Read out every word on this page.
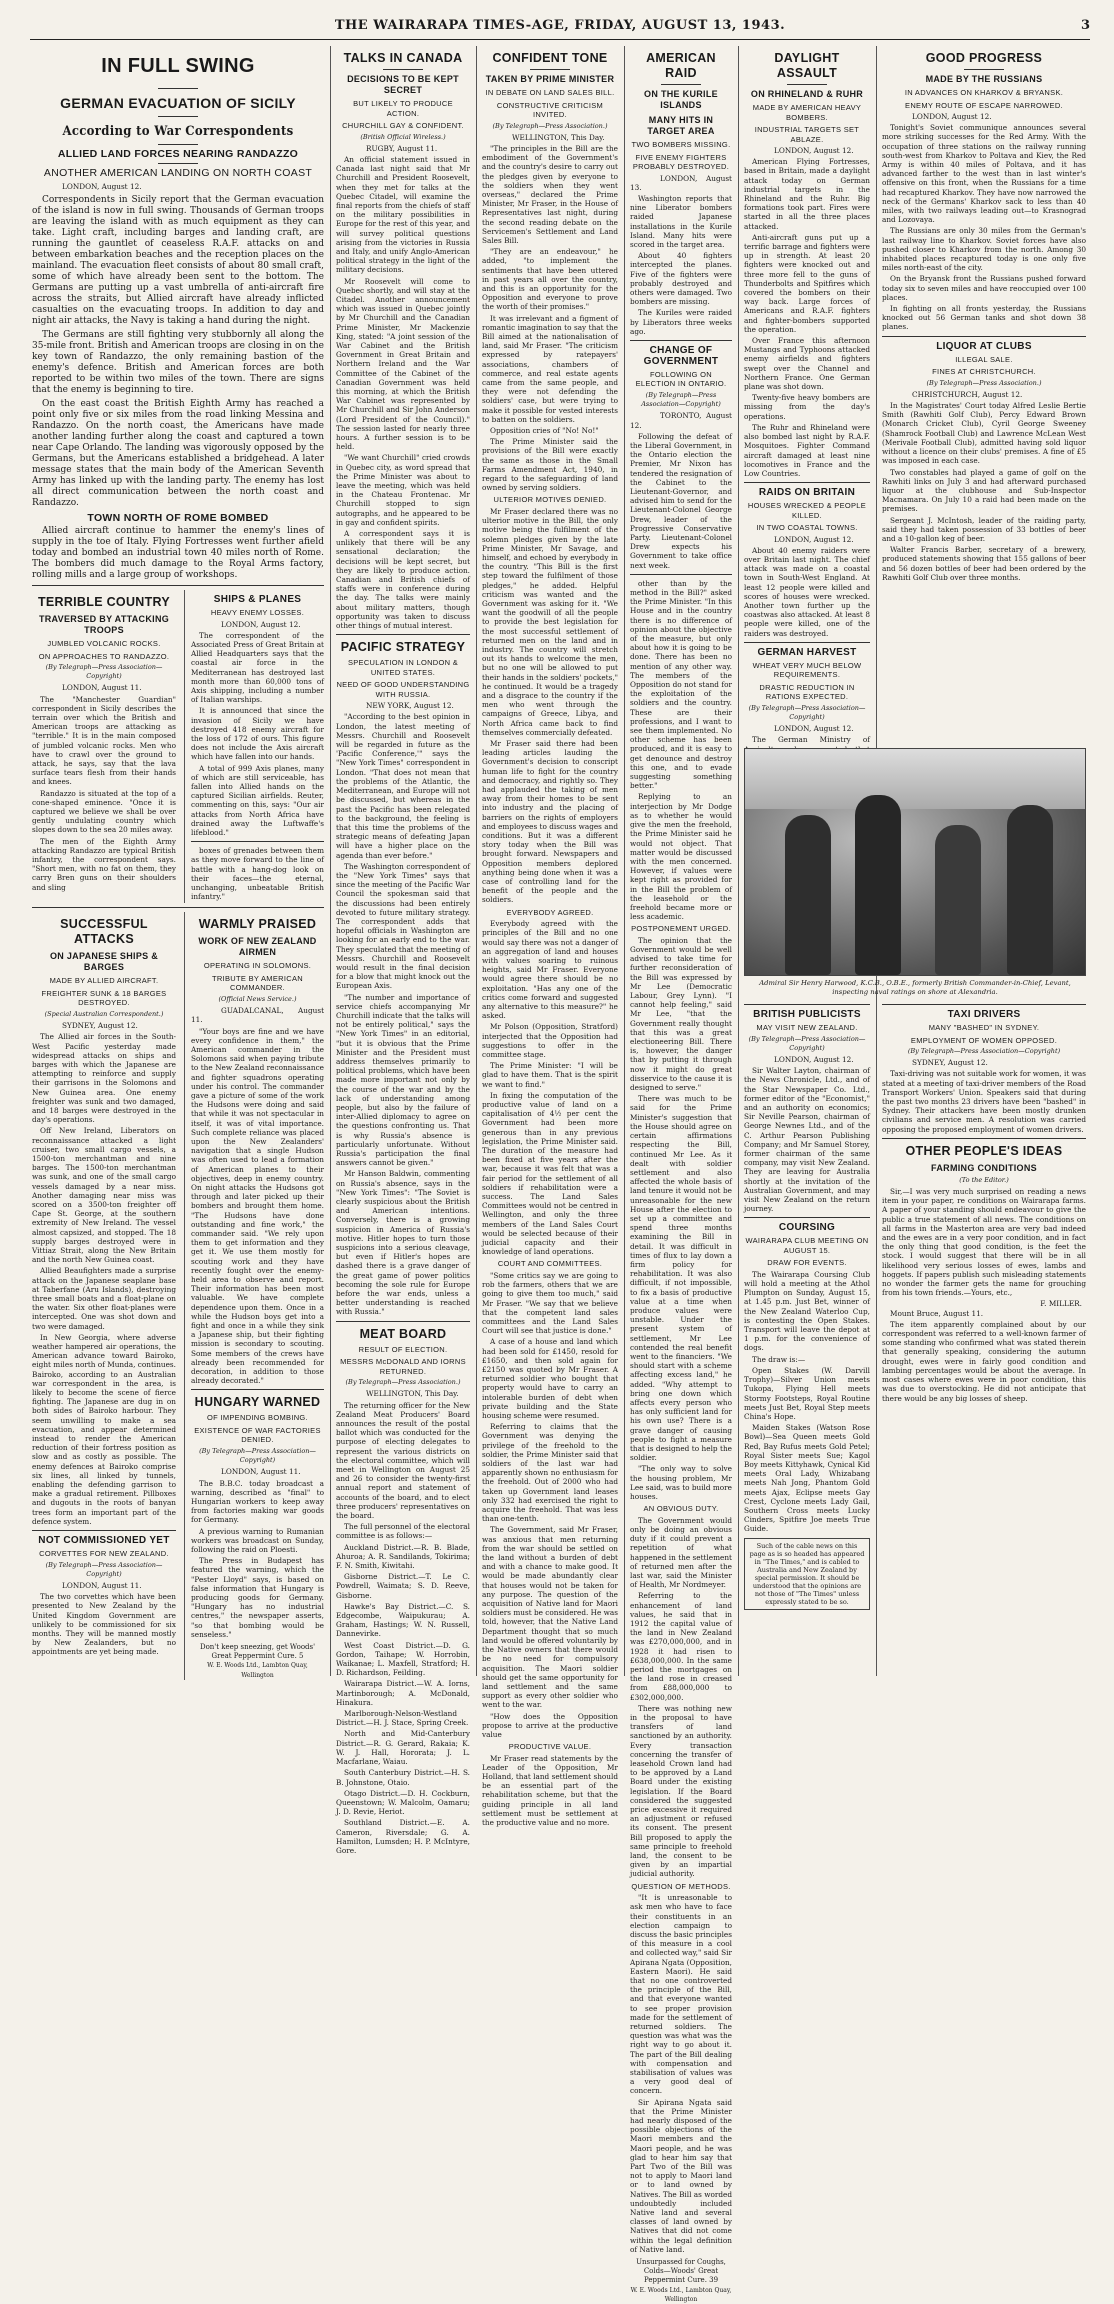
THE WAIRARAPA TIMES-AGE, FRIDAY, AUGUST 13, 1943.	3
IN FULL SWING
GERMAN EVACUATION OF SICILY
According to War Correspondents
ALLIED LAND FORCES NEARING RANDAZZO
ANOTHER AMERICAN LANDING ON NORTH COAST

LONDON, August 12.

Correspondents in Sicily report that the German evacuation of the island is now in full swing. Thousands of German troops are leaving the island with as much equipment as they can take. Light craft, including barges and landing craft, are running the gauntlet of ceaseless R.A.F. attacks on and between embarkation beaches and the reception places on the mainland. The evacuation fleet consists of about 80 small craft, some of which have already been sent to the bottom. The Germans are putting up a vast umbrella of anti-aircraft fire across the straits, but Allied aircraft have already inflicted casualties on the evacuating troops. In addition to day and night air attacks, the Navy is taking a hand during the night.

The Germans are still fighting very stubbornly all along the 35-mile front. British and American troops are closing in on the key town of Randazzo, the only remaining bastion of the enemy's defence. British and American forces are both reported to be within two miles of the town. There are signs that the enemy is beginning to tire.

On the east coast the British Eighth Army has reached a point only five or six miles from the road linking Messina and Randazzo. On the north coast, the Americans have made another landing further along the coast and captured a town near Cape Orlando. The landing was vigorously opposed by the Germans, but the Americans established a bridgehead. A later message states that the main body of the American Seventh Army has linked up with the landing party. The enemy has lost all direct communication between the north coast and Randazzo.

TOWN NORTH OF ROME BOMBED

Allied aircraft continue to hammer the enemy's lines of supply in the toe of Italy. Flying Fortresses went further afield today and bombed an industrial town 40 miles north of Rome. The bombers did much damage to the Royal Arms factory, rolling mills and a large group of workshops.

TERRIBLE COUNTRY
TRAVERSED BY ATTACKING TROOPS
JUMBLED VOLCANIC ROCKS.
ON APPROACHES TO RANDAZZO.
(By Telegraph—Press Association—Copyright)

LONDON, August 11.

The "Manchester Guardian" correspondent in Sicily describes the terrain over which the British and American troops are attacking as "terrible." It is in the main composed of jumbled volcanic rocks. Men who have to crawl over the ground to attack, he says, say that the lava surface tears flesh from their hands and knees.

Randazzo is situated at the top of a cone-shaped eminence. "Once it is captured we believe we shall be over gently undulating country which slopes down to the sea 20 miles away.

The men of the Eighth Army attacking Randazzo are typical British infantry, the correspondent says. "Short men, with no fat on them, they carry Bren guns on their shoulders and sling

SHIPS & PLANES
HEAVY ENEMY LOSSES.

LONDON, August 12.

The correspondent of the Associated Press of Great Britain at Allied Headquarters says that the coastal air force in the Mediterranean has destroyed last month more than 60,000 tons of Axis shipping, including a number of Italian warships.

It is announced that since the invasion of Sicily we have destroyed 418 enemy aircraft for the loss of 172 of ours. This figure does not include the Axis aircraft which have fallen into our hands.

A total of 999 Axis planes, many of which are still serviceable, has fallen into Allied hands on the captured Sicilian airfields. Reuter, commenting on this, says: "Our air attacks from North Africa have drained away the Luftwaffe's lifeblood."

boxes of grenades between them as they move forward to the line of battle with a hang-dog look on their faces—the eternal, unchanging, unbeatable British infantry."

SUCCESSFUL ATTACKS
ON JAPANESE SHIPS & BARGES
MADE BY ALLIED AIRCRAFT.
FREIGHTER SUNK & 18 BARGES DESTROYED.
(Special Australian Correspondent.)

SYDNEY, August 12.

The Allied air forces in the South-West Pacific yesterday made widespread attacks on ships and barges with which the Japanese are attempting to reinforce and supply their garrisons in the Solomons and New Guinea area. One enemy freighter was sunk and two damaged, and 18 barges were destroyed in the day's operations.

Off New Ireland, Liberators on reconnaissance attacked a light cruiser, two small cargo vessels, a 1500-ton merchantman and nine barges. The 1500-ton merchantman was sunk, and one of the small cargo vessels damaged by a near miss. Another damaging near miss was scored on a 3500-ton freighter off Cape St. George, at the southern extremity of New Ireland. The vessel almost capsized, and stopped. The 18 supply barges destroyed were in Vittiaz Strait, along the New Britain and the north New Guinea coast.

Allied Beaufighters made a surprise attack on the Japanese seaplane base at Taberfane (Aru Islands), destroying three small boats and a float-plane on the water. Six other float-planes were intercepted. One was shot down and two were damaged.

In New Georgia, where adverse weather hampered air operations, the American advance toward Bairoko, eight miles north of Munda, continues. Bairoko, according to an Australian war correspondent in the area, is likely to become the scene of fierce fighting. The Japanese are dug in on both sides of Bairoko harbour. They seem unwilling to make a sea evacuation, and appear determined instead to render the American reduction of their fortress position as slow and as costly as possible. The enemy defences at Bairoko comprise six lines, all linked by tunnels, enabling the defending garrison to make a gradual retirement. Pillboxes and dugouts in the roots of banyan trees form an important part of the defence system.

NOT COMMISSIONED YET
CORVETTES FOR NEW ZEALAND.
(By Telegraph—Press Association—Copyright)

LONDON, August 11.

The two corvettes which have been presented to New Zealand by the United Kingdom Government are unlikely to be commissioned for six months. They will be manned mostly by New Zealanders, but no appointments are yet being made.

WARMLY PRAISED
WORK OF NEW ZEALAND AIRMEN
OPERATING IN SOLOMONS.
TRIBUTE BY AMERICAN COMMANDER.
(Official News Service.)

GUADALCANAL, August 11.

"Your boys are fine and we have every confidence in them," the American commander in the Solomons said when paying tribute to the New Zealand reconnaissance and fighter squadrons operating under his control. The commander gave a picture of some of the work the Hudsons were doing and said that while it was not spectacular in itself, it was of vital importance. Such complete reliance was placed upon the New Zealanders' navigation that a single Hudson was often used to lead a formation of American planes to their objectives, deep in enemy country. On night attacks the Hudsons got through and later picked up their bombers and brought them home. "The Hudsons have done outstanding and fine work," the commander said. "We rely upon them to get information and they get it. We use them mostly for scouting work and they have recently fought over the enemy-held area to observe and report. Their information has been most valuable. We have complete dependence upon them. Once in a while the Hudson boys get into a fight and once in a while they sink a Japanese ship, but their fighting mission is secondary to scouting. Some members of the crews have already been recommended for decoration, in addition to those already decorated."

HUNGARY WARNED
OF IMPENDING BOMBING.
EXISTENCE OF WAR FACTORIES DENIED.
(By Telegraph—Press Association—Copyright)

LONDON, August 11.

The B.B.C. today broadcast a warning, described as "final" to Hungarian workers to keep away from factories making war goods for Germany.

A previous warning to Rumanian workers was broadcast on Sunday, following the raid on Ploesti.

The Press in Budapest has featured the warning, which the "Pester Lloyd" says, is based on false information that Hungary is producing goods for Germany. "Hungary has no industrial centres," the newspaper asserts, "so that bombing would be senseless."

Don't keep sneezing, get Woods' Great Peppermint Cure. 5
W. E. Woods Ltd., Lambton Quay, Wellington
TALKS IN CANADA
DECISIONS TO BE KEPT SECRET
BUT LIKELY TO PRODUCE ACTION.
CHURCHILL GAY & CONFIDENT.
(British Official Wireless.)

RUGBY, August 11.

An official statement issued in Canada last night said that Mr Churchill and President Roosevelt, when they met for talks at the Quebec Citadel, will examine the final reports from the chiefs of staff on the military possibilities in Europe for the rest of this year, and will survey political questions arising from the victories in Russia and Italy, and unify Anglo-American political strategy in the light of the military decisions.

Mr Roosevelt will come to Quebec shortly, and will stay at the Citadel. Another announcement which was issued in Quebec jointly by Mr Churchill and the Canadian Prime Minister, Mr Mackenzie King, stated: "A joint session of the War Cabinet and the British Government in Great Britain and Northern Ireland and the War Committee of the Cabinet of the Canadian Government was held this morning, at which the British War Cabinet was represented by Mr Churchill and Sir John Anderson (Lord President of the Council)." The session lasted for nearly three hours. A further session is to be held.

"We want Churchill" cried crowds in Quebec city, as word spread that the Prime Minister was about to leave the meeting, which was held in the Chateau Frontenac. Mr Churchill stopped to sign autographs, and he appeared to be in gay and confident spirits.

A correspondent says it is unlikely that there will be any sensational declaration; the decisions will be kept secret, but they are likely to produce action. Canadian and British chiefs of staffs were in conference during the day. The talks were mainly about military matters, though opportunity was taken to discuss other things of mutual interest.

PACIFIC STRATEGY
SPECULATION IN LONDON & UNITED STATES.
NEED OF GOOD UNDERSTANDING WITH RUSSIA.

NEW YORK, August 12.

"According to the best opinion in London, the latest meeting of Messrs. Churchill and Roosevelt will be regarded in future as the 'Pacific Conference,'" says the "New York Times" correspondent in London. "That does not mean that the problems of the Atlantic, the Mediterranean, and Europe will not be discussed, but whereas in the past the Pacific has been relegated to the background, the feeling is that this time the problems of the strategic means of defeating Japan will have a higher place on the agenda than ever before."

The Washington correspondent of the "New York Times" says that since the meeting of the Pacific War Council the spokesman said that the discussions had been entirely devoted to future military strategy. The correspondent adds that hopeful officials in Washington are looking for an early end to the war. They speculated that the meeting of Messrs. Churchill and Roosevelt would result in the final decision for a blow that might knock out the European Axis.

"The number and importance of service chiefs accompanying Mr Churchill indicate that the talks will not be entirely political," says the "New York Times" in an editorial, "but it is obvious that the Prime Minister and the President must address themselves primarily to political problems, which have been made more important not only by the course of the war and by the lack of understanding among people, but also by the failure of inter-Allied diplomacy to agree on the questions confronting us. That is why Russia's absence is particularly unfortunate. Without Russia's participation the final answers cannot be given."

Mr Hanson Baldwin, commenting on Russia's absence, says in the "New York Times": "The Soviet is clearly suspicious about the British and American intentions. Conversely, there is a growing suspicion in America of Russia's motive. Hitler hopes to turn those suspicions into a serious cleavage, but even if Hitler's hopes are dashed there is a grave danger of the great game of power politics becoming the sole rule for Europe before the war ends, unless a better understanding is reached with Russia."

MEAT BOARD
RESULT OF ELECTION.
MESSRS McDONALD AND IORNS RETURNED.
(By Telegraph—Press Association.)

WELLINGTON, This Day.

The returning officer for the New Zealand Meat Producers' Board announces the result of the postal ballot which was conducted for the purpose of electing delegates to represent the various districts on the electoral committee, which will meet in Wellington on August 25 and 26 to consider the twenty-first annual report and statement of accounts of the board, and to elect three producers' representatives on the board.

The full personnel of the electoral committee is as follows:—

Auckland District.—R. B. Blade, Ahuroa; A. R. Sandilands, Tokirima; F. N. Smith, Kiwitahi.

Gisborne District.—T. Le C. Powdrell, Waimata; S. D. Reeve, Gisborne.

Hawke's Bay District.—C. S. Edgecombe, Waipukurau; A. Graham, Hastings; W. N. Russell, Dannevirke.

West Coast District.—D. G. Gordon, Taihape; W. Horrobin, Waikanae; L. Maxfell, Stratford; H. D. Richardson, Feilding.

Wairarapa District.—W. A. Iorns, Martinborough; A. McDonald, Hinakura.

Marlborough-Nelson-Westland District.—H. J. Stace, Spring Creek.

North and Mid-Canterbury District.—R. G. Gerard, Rakaia; K. W. J. Hall, Hororata; J. L. Macfarlane, Waiau.

South Canterbury District.—H. S. B. Johnstone, Otaio.

Otago District.—D. H. Cockburn, Queenstown; W. Malcolm, Oamaru; J. D. Revie, Heriot.

Southland District.—E. A. Cameron, Riversdale; G. A. Hamilton, Lumsden; H. P. McIntyre, Gore.

CONFIDENT TONE
TAKEN BY PRIME MINISTER
IN DEBATE ON LAND SALES BILL.
CONSTRUCTIVE CRITICISM INVITED.
(By Telegraph—Press Association.)

WELLINGTON, This Day.

"The principles in the Bill are the embodiment of the Government's and the country's desire to carry out the pledges given by everyone to the soldiers when they went overseas," declared the Prime Minister, Mr Fraser, in the House of Representatives last night, during the second reading debate on the Servicemen's Settlement and Land Sales Bill.

"They are an endeavour," he added, "to implement the sentiments that have been uttered in past years all over the country, and this is an opportunity for the Opposition and everyone to prove the worth of their promises."

It was irrelevant and a figment of romantic imagination to say that the Bill aimed at the nationalisation of land, said Mr Fraser. "The criticism expressed by ratepayers' associations, chambers of commerce, and real estate agents came from the same people, and they were not defending the soldiers' case, but were trying to make it possible for vested interests to batten on the soldiers.

Opposition cries of "No! No!"

The Prime Minister said the provisions of the Bill were exactly the same as those in the Small Farms Amendment Act, 1940, in regard to the safeguarding of land owned by serving soldiers.

ULTERIOR MOTIVES DENIED.

Mr Fraser declared there was no ulterior motive in the Bill, the only motive being the fulfilment of the solemn pledges given by the late Prime Minister, Mr Savage, and himself, and echoed by everybody in the country. "This Bill is the first step toward the fulfilment of those pledges," he added. Helpful criticism was wanted and the Government was asking for it. "We want the goodwill of all the people to provide the best legislation for the most successful settlement of returned men on the land and in industry. The country will stretch out its hands to welcome the men, but no one will be allowed to put their hands in the soldiers' pockets," he continued. It would be a tragedy and a disgrace to the country if the men who went through the campaigns of Greece, Libya, and North Africa came back to find themselves commercially defeated.

Mr Fraser said there had been leading articles lauding the Government's decision to conscript human life to fight for the country and democracy, and rightly so. They had applauded the taking of men away from their homes to be sent into industry and the placing of barriers on the rights of employers and employees to discuss wages and conditions. But it was a different story today when the Bill was brought forward. Newspapers and Opposition members deplored anything being done when it was a case of controlling land for the benefit of the people and the soldiers.

EVERYBODY AGREED.

Everybody agreed with the principles of the Bill and no one would say there was not a danger of an aggregation of land and houses with values soaring to ruinous heights, said Mr Fraser. Everyone would agree there should be no exploitation. "Has any one of the critics come forward and suggested any alternative to this measure?" he asked.

Mr Polson (Opposition, Stratford) interjected that the Opposition had suggestions to offer in the committee stage.

The Prime Minister: "I will be glad to have them. That is the spirit we want to find."

In fixing the computation of the productive value of land on a capitalisation of 4½ per cent the Government had been more generous than in any previous legislation, the Prime Minister said. The duration of the measure had been fixed at five years after the war, because it was felt that was a fair period for the settlement of all soldiers if rehabilitation were a success. The Land Sales Committees would not be centred in Wellington, and only the three members of the Land Sales Court would be selected because of their judicial capacity and their knowledge of land operations.

COURT AND COMMITTEES.

"Some critics say we are going to rob the farmers, others that we are going to give them too much," said Mr Fraser. "We say that we believe that the competent land sales committees and the Land Sales Court will see that justice is done."

A case of a house and land which had been sold for £1450, resold for £1650, and then sold again for £2150 was quoted by Mr Fraser. A returned soldier who bought that property would have to carry an intolerable burden of debt when private building and the State housing scheme were resumed.

Referring to claims that the Government was denying the privilege of the freehold to the soldier, the Prime Minister said that soldiers of the last war had apparently shown no enthusiasm for the freehold. Out of 2000 who had taken up Government land leases only 332 had exercised the right to acquire the freehold. That was less than one-tenth.

The Government, said Mr Fraser, was anxious that men returning from the war should be settled on the land without a burden of debt and with a chance to make good. It would be made abundantly clear that houses would not be taken for any purpose. The question of the acquisition of Native land for Maori soldiers must be considered. He was told, however, that the Native Land Department thought that so much land would be offered voluntarily by the Native owners that there would be no need for compulsory acquisition. The Maori soldier should get the same opportunity for land settlement and the same support as every other soldier who went to the war.

"How does the Opposition propose to arrive at the productive value

PRODUCTIVE VALUE.

Mr Fraser read statements by the Leader of the Opposition, Mr Holland, that land settlement should be an essential part of the rehabilitation scheme, but that the guiding principle in all land settlement must be settlement at the productive value and no more.

AMERICAN RAID
ON THE KURILE ISLANDS
MANY HITS IN TARGET AREA
TWO BOMBERS MISSING.
FIVE ENEMY FIGHTERS PROBABLY DESTROYED.

LONDON, August 13.

Washington reports that nine Liberator bombers raided Japanese installations in the Kurile Island. Many hits were scored in the target area.

About 40 fighters intercepted the planes. Five of the fighters were probably destroyed and others were damaged. Two bombers are missing.

The Kuriles were raided by Liberators three weeks ago.

CHANGE OF GOVERNMENT
FOLLOWING ON ELECTION IN ONTARIO.
(By Telegraph—Press Association—Copyright)

TORONTO, August 12.

Following the defeat of the Liberal Government, in the Ontario election the Premier, Mr Nixon has tendered the resignation of the Cabinet to the Lieutenant-Governor, and advised him to send for the Lieutenant-Colonel George Drew, leader of the Progressive Conservative Party. Lieutenant-Colonel Drew expects his Government to take office next week.

other than by the method in the Bill?" asked the Prime Minister. "In this House and in the country there is no difference of opinion about the objective of the measure, but only about how it is going to be done. There has been no mention of any other way. The members of the Opposition do not stand for the exploitation of the soldiers and the country. These are their professions, and I want to see them implemented. No other scheme has been produced, and it is easy to get denounce and destroy this one, and to evade suggesting something better."

Replying to an interjection by Mr Dodge as to whether he would give the men the freehold, the Prime Minister said he would not object. That matter would be discussed with the men concerned. However, if values were kept right as provided for in the Bill the problem of the leasehold or the freehold became more or less academic.

POSTPONEMENT URGED.

The opinion that the Government would be well advised to take time for further reconsideration of the Bill was expressed by Mr Lee (Democratic Labour, Grey Lynn). "I cannot help feeling," said Mr Lee, "that the Government really thought that this was a great electioneering Bill. There is, however, the danger that by putting it through now it might do great disservice to the cause it is designed to serve."

There was much to be said for the Prime Minister's suggestion that the House should agree on certain affirmations respecting the Bill, continued Mr Lee. As it dealt with soldier settlement and also affected the whole basis of land tenure it would not be unreasonable for the new House after the election to set up a committee and spend three months examining the Bill in detail. It was difficult in times of flux to lay down a firm policy for rehabilitation. It was also difficult, if not impossible, to fix a basis of productive value at a time when produce values were unstable. Under the present system of settlement, Mr Lee contended the real benefit went to the financiers. "We should start with a scheme affecting excess land," he added. "Why attempt to bring one down which affects every person who has only sufficient land for his own use? There is a grave danger of causing people to fight a measure that is designed to help the soldier.

"The only way to solve the housing problem, Mr Lee said, was to build more houses.

AN OBVIOUS DUTY.

The Government would only be doing an obvious duty if it could prevent a repetition of what happened in the settlement of returned men after the last war, said the Minister of Health, Mr Nordmeyer.

Referring to the enhancement of land values, he said that in 1912 the capital value of the land in New Zealand was £270,000,000, and in 1928 it had risen to £638,000,000. In the same period the mortgages on the land rose in creased from £88,000,000 to £302,000,000.

There was nothing new in the proposal to have transfers of land sanctioned by an authority. Every transaction concerning the transfer of leasehold Crown land had to be approved by a Land Board under the existing legislation. If the Board considered the suggested price excessive it required an adjustment or refused its consent. The present Bill proposed to apply the same principle to freehold land, the consent to be given by an impartial judicial authority.

QUESTION OF METHODS.

"It is unreasonable to ask men who have to face their constituents in an election campaign to discuss the basic principles of this measure in a cool and collected way," said Sir Apirana Ngata (Opposition, Eastern Maori). He said that no one controverted the principle of the Bill, and that everyone wanted to see proper provision made for the settlement of returned soldiers. The question was what was the right way to go about it. The part of the Bill dealing with compensation and stabilisation of values was a very good deal of concern.

Sir Apirana Ngata said that the Prime Minister had nearly disposed of the possible objections of the Maori members and the Maori people, and he was glad to hear him say that Part Two of the Bill was not to apply to Maori land or to land owned by Natives. The Bill as worded undoubtedly included Native land and several classes of land owned by Natives that did not come within the legal definition of Native land.

Unsurpassed for Coughs, Colds—Woods' Great Peppermint Cure. 39
W. E. Woods Ltd., Lambton Quay, Wellington
DAYLIGHT ASSAULT
ON RHINELAND & RUHR
MADE BY AMERICAN HEAVY BOMBERS.
INDUSTRIAL TARGETS SET ABLAZE.

LONDON, August 12.

American Flying Fortresses, based in Britain, made a daylight attack today on German industrial targets in the Rhineland and the Ruhr. Big formations took part. Fires were started in all the three places attacked.

Anti-aircraft guns put up a terrific barrage and fighters were up in strength. At least 20 fighters were knocked out and three more fell to the guns of Thunderbolts and Spitfires which covered the bombers on their way back. Large forces of Americans and R.A.F. fighters and fighter-bombers supported the operation.

Over France this afternoon Mustangs and Typhoons attacked enemy airfields and fighters swept over the Channel and Northern France. One German plane was shot down.

Twenty-five heavy bombers are missing from the day's operations.

The Ruhr and Rhineland were also bombed last night by R.A.F. Mosquitoes. Fighter Command aircraft damaged at least nine locomotives in France and the Low Countries.

RAIDS ON BRITAIN
HOUSES WRECKED & PEOPLE KILLED.
IN TWO COASTAL TOWNS.

LONDON, August 12.

About 40 enemy raiders were over Britain last night. The chief attack was made on a coastal town in South-West England. At least 12 people were killed and scores of houses were wrecked. Another town further up the coastwas also attacked. At least 8 people were killed, one of the raiders was destroyed.

GERMAN HARVEST
WHEAT VERY MUCH BELOW REQUIREMENTS.
DRASTIC REDUCTION IN RATIONS EXPECTED.
(By Telegraph—Press Association—Copyright)

LONDON, August 12.

The German Ministry of

GOOD PROGRESS
MADE BY THE RUSSIANS
IN ADVANCES ON KHARKOV & BRYANSK.
ENEMY ROUTE OF ESCAPE NARROWED.

LONDON, August 12.

Tonight's Soviet communique announces several more striking successes for the Red Army. With the occupation of three stations on the railway running south-west from Kharkov to Poltava and Kiev, the Red Army is within 40 miles of Poltava, and it has advanced farther to the west than in last winter's offensive on this front, when the Russians for a time had recaptured Kharkov. They have now narrowed the neck of the Germans' Kharkov sack to less than 40 miles, with two railways leading out—to Krasnograd and Lozovaya.

The Russians are only 30 miles from the German's last railway line to Kharkov. Soviet forces have also pushed closer to Kharkov from the north. Among 30 inhabited places recaptured today is one only five miles north-east of the city.

On the Bryansk front the Russians pushed forward today six to seven miles and have reoccupied over 100 places.

In fighting on all fronts yesterday, the Russians knocked out 56 German tanks and shot down 38 planes.

LIQUOR AT CLUBS
ILLEGAL SALE.
FINES AT CHRISTCHURCH.
(By Telegraph—Press Association.)

CHRISTCHURCH, August 12.

In the Magistrates' Court today Alfred Leslie Bertie Smith (Rawhiti Golf Club), Percy Edward Brown (Monarch Cricket Club), Cyril George Sweeney (Shamrock Football Club) and Lawrence McLean West (Merivale Football Club), admitted having sold liquor without a licence on their clubs' premises. A fine of £5 was imposed in each case.

Two constables had played a game of golf on the Rawhiti links on July 3 and had afterward purchased liquor at the clubhouse and Sub-Inspector Macnamara. On July 10 a raid had been made on the premises.

Sergeant J. McIntosh, leader of the raiding party, said they had taken possession of 33 bottles of beer and a 10-gallon keg of beer.

Walter Francis Barber, secretary of a brewery, produced statements showing that 155 gallons of beer and 56 dozen bottles of beer had been ordered by the Rawhiti Golf Club over three months.

Admiral Sir Henry Harwood, K.C.B., O.B.E., formerly British Commander-in-Chief, Levant, inspecting naval ratings on shore at Alexandria.
BRITISH PUBLICISTS
MAY VISIT NEW ZEALAND.
(By Telegraph—Press Association—Copyright)

LONDON, August 12.

Sir Walter Layton, chairman of the News Chronicle, Ltd., and of the Star Newspaper Co. Ltd., former editor of the "Economist," and an authority on economics; Sir Neville Pearson, chairman of George Newnes Ltd., and of the C. Arthur Pearson Publishing Company; and Mr Samuel Storey, former chairman of the same company, may visit New Zealand. They are leaving for Australia shortly at the invitation of the Australian Government, and may visit New Zealand on the return journey.

COURSING
WAIRARAPA CLUB MEETING ON AUGUST 15.
DRAW FOR EVENTS.

The Wairarapa Coursing Club will hold a meeting at the Athol Plumpton on Sunday, August 15, at 1.45 p.m. Just Bet, winner of the New Zealand Waterloo Cup, is contesting the Open Stakes. Transport will leave the depot at 1 p.m. for the convenience of dogs.

The draw is:—

Open Stakes (W. Darvill Trophy)—Silver Union meets Tukopa, Flying Hell meets Stormy Footsteps, Royal Routine meets Just Bet, Royal Step meets China's Hope.

Maiden Stakes (Watson Rose Bowl)—Sea Queen meets Gold Red, Bay Rufus meets Gold Petel; Royal Sister meets Sue; Kagol Boy meets Kittyhawk, Cynical Kid meets Oral Lady, Whizabang meets Nah Jong, Phantom Gold meets Ajax, Eclipse meets Gay Crest, Cyclone meets Lady Gail, Southern Cross meets Lucky Cinders, Spitfire Joe meets True Guide.

Such of the cable news on this page as is so headed has appeared in "The Times," and is cabled to Australia and New Zealand by special permission. It should be understood that the opinions are not those of "The Times" unless expressly stated to be so.
TAXI DRIVERS
MANY "BASHED" IN SYDNEY.
EMPLOYMENT OF WOMEN OPPOSED.
(By Telegraph—Press Association—Copyright)

SYDNEY, August 12.

Taxi-driving was not suitable work for women, it was stated at a meeting of taxi-driver members of the Road Transport Workers' Union. Speakers said that during the past two months 23 drivers have been "bashed" in Sydney. Their attackers have been mostly drunken civilians and service men. A resolution was carried opposing the proposed employment of women drivers.

OTHER PEOPLE'S IDEAS
FARMING CONDITIONS
(To the Editor.)

Sir,—I was very much surprised on reading a news item in your paper, re conditions on Wairarapa farms. A paper of your standing should endeavour to give the public a true statement of all news. The conditions on all farms in the Masterton area are very bad indeed and the ewes are in a very poor condition, and in fact the only thing that good condition, is the feet the stock. I would suggest that there will be in all likelihood very serious losses of ewes, lambs and hoggets. If papers publish such misleading statements no wonder the farmer gets the name for grouching from his town friends.—Yours, etc.,

F. MILLER.

Mount Bruce, August 11.

The item apparently complained about by our correspondent was referred to a well-known farmer of some standing who confirmed what was stated therein that generally speaking, considering the autumn drought, ewes were in fairly good condition and lambing percentages would be about the average. In most cases where ewes were in poor condition, this was due to overstocking. He did not anticipate that there would be any big losses of sheep.
